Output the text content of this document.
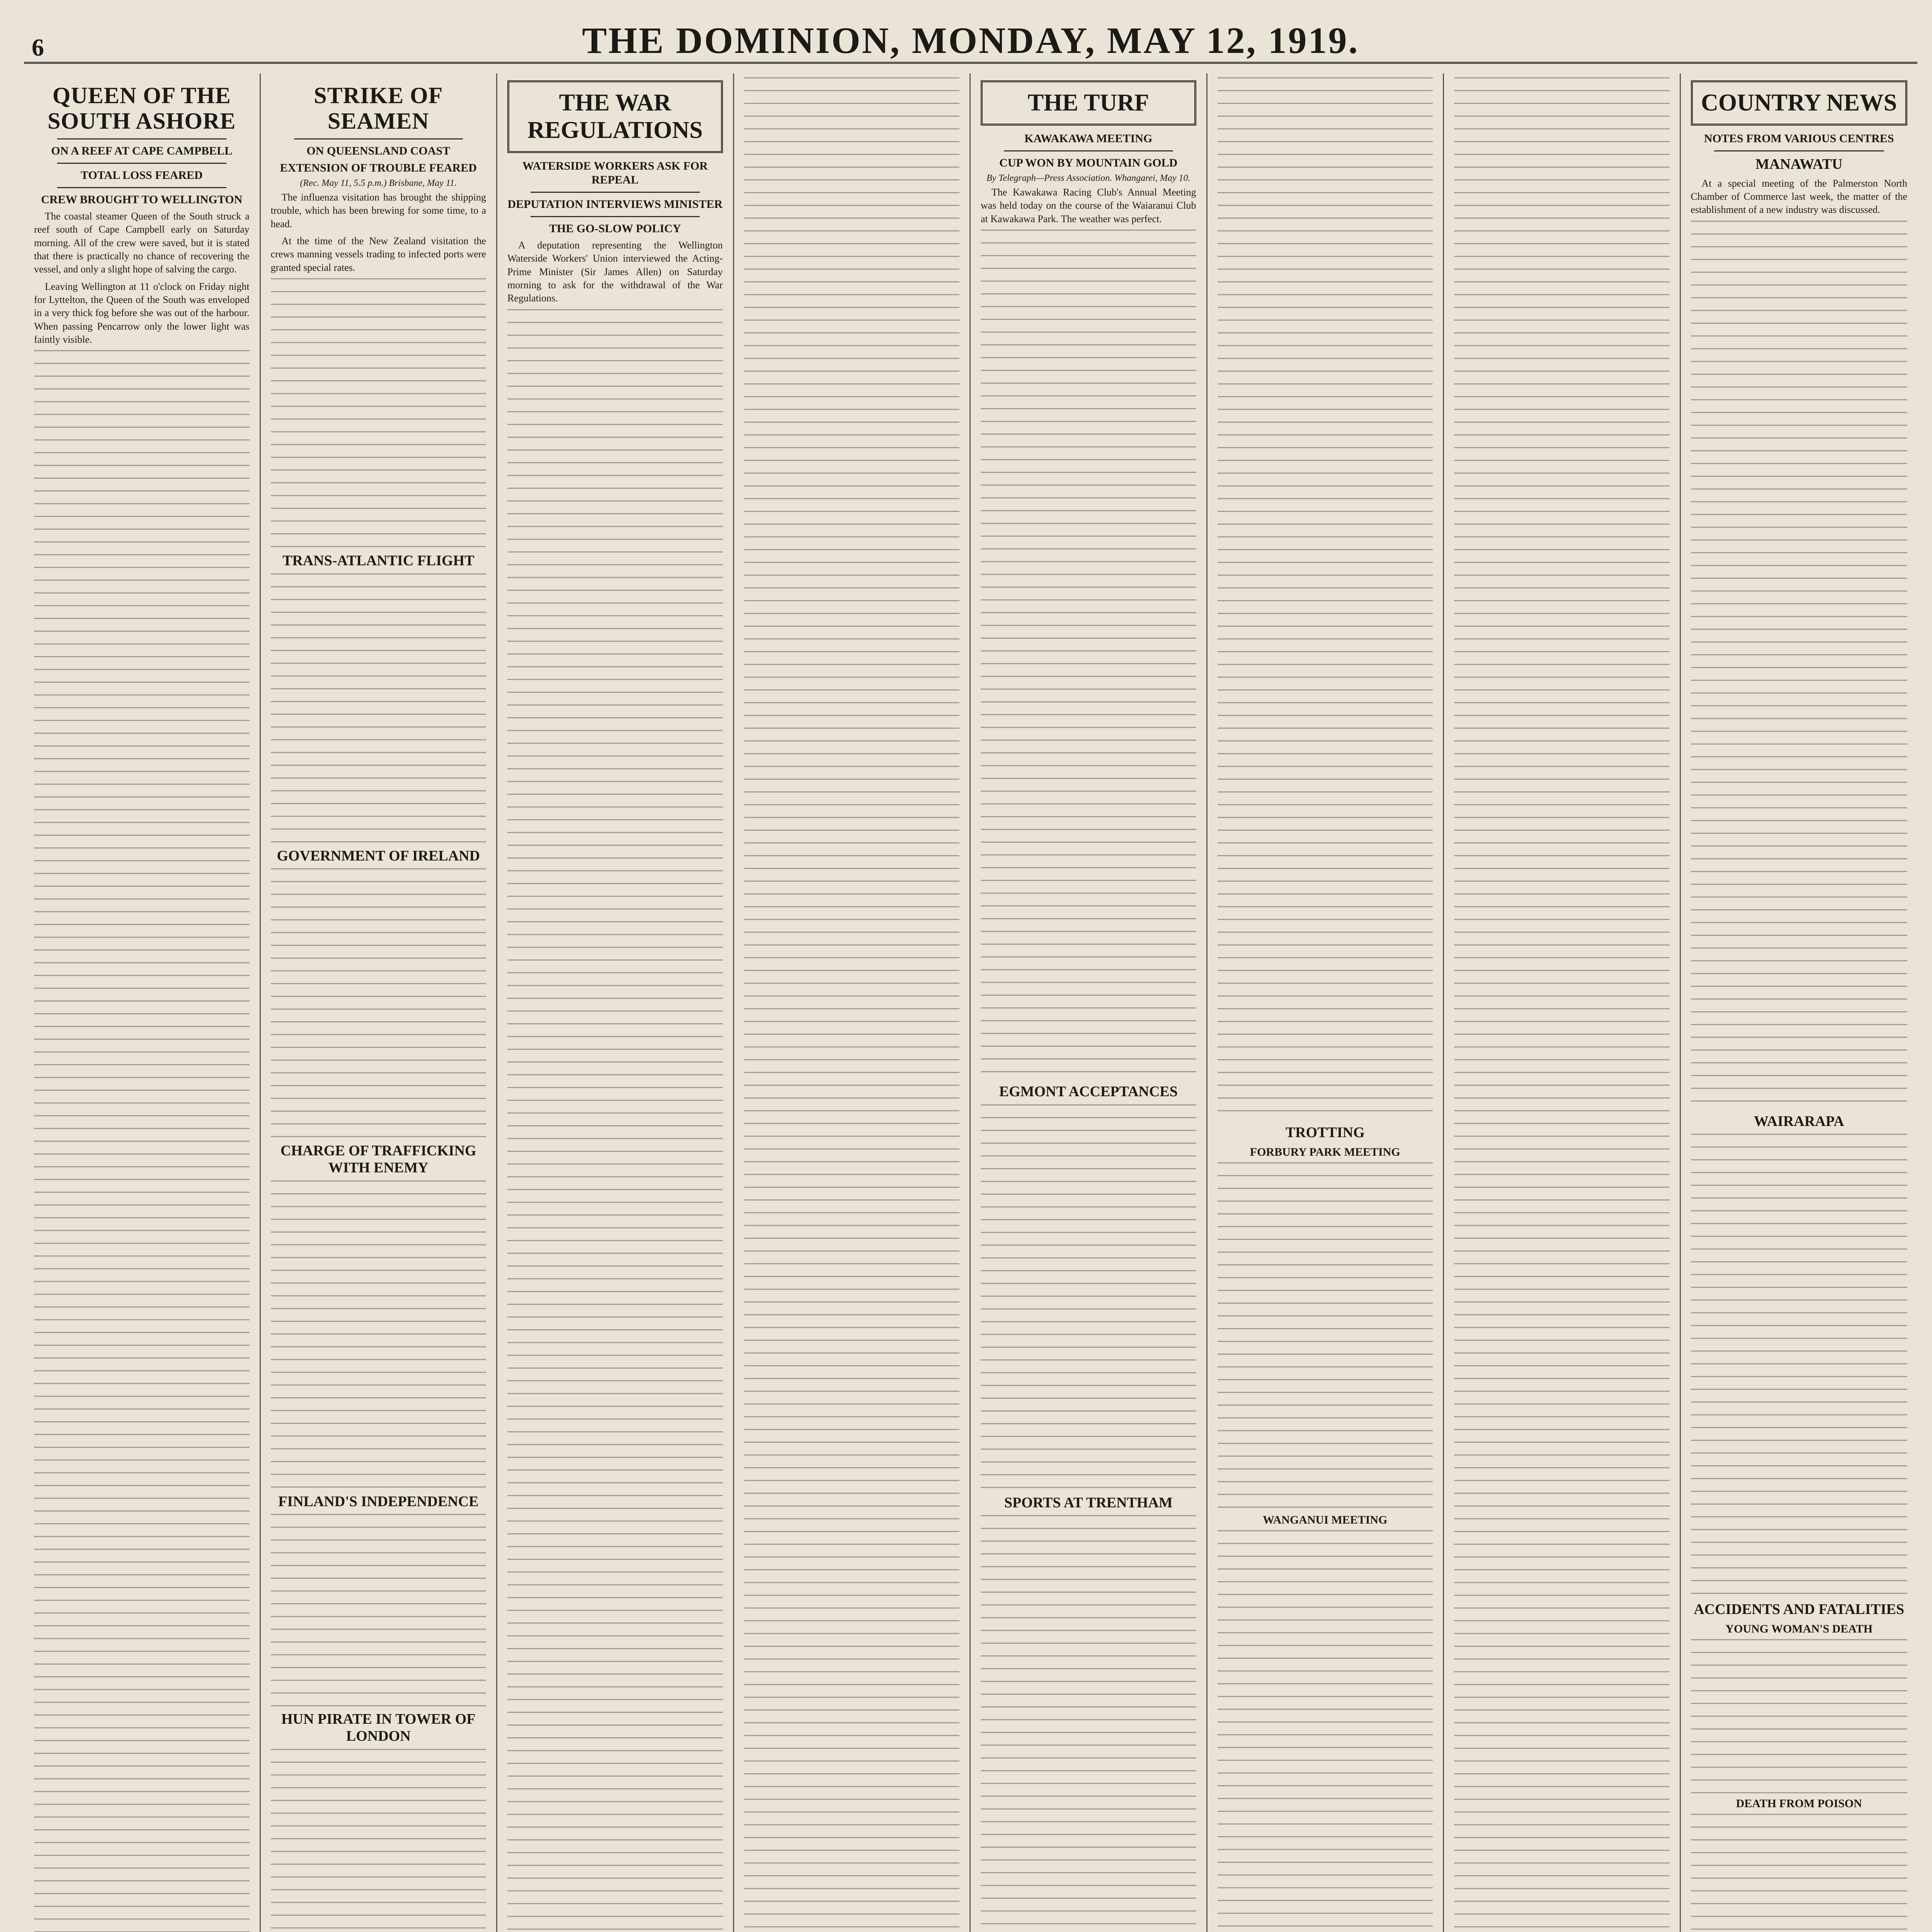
6	THE DOMINION, MONDAY, MAY 12, 1919.
QUEEN OF THE SOUTH ASHORE
ON A REEF AT CAPE CAMPBELL
TOTAL LOSS FEARED
CREW BROUGHT TO WELLINGTON

The coastal steamer Queen of the South struck a reef south of Cape Campbell early on Saturday morning. All of the crew were saved, but it is stated that there is practically no chance of recovering the vessel, and only a slight hope of salving the cargo.

Leaving Wellington at 11 o'clock on Friday night for Lyttelton, the Queen of the South was enveloped in a very thick fog before she was out of the harbour. When passing Pencarrow only the lower light was faintly visible.

STRIKE OF SEAMEN
ON QUEENSLAND COAST
EXTENSION OF TROUBLE FEARED
(Rec. May 11, 5.5 p.m.) Brisbane, May 11.

The influenza visitation has brought the shipping trouble, which has been brewing for some time, to a head.

At the time of the New Zealand visitation the crews manning vessels trading to infected ports were granted special rates.

TRANS-ATLANTIC FLIGHT
GOVERNMENT OF IRELAND
CHARGE OF TRAFFICKING WITH ENEMY
FINLAND'S INDEPENDENCE
HUN PIRATE IN TOWER OF LONDON
THE WAR REGULATIONS
WATERSIDE WORKERS ASK FOR REPEAL
DEPUTATION INTERVIEWS MINISTER
THE GO-SLOW POLICY

A deputation representing the Wellington Waterside Workers' Union interviewed the Acting-Prime Minister (Sir James Allen) on Saturday morning to ask for the withdrawal of the War Regulations.

THE TURF
KAWAKAWA MEETING
CUP WON BY MOUNTAIN GOLD
By Telegraph—Press Association. Whangarei, May 10.

The Kawakawa Racing Club's Annual Meeting was held today on the course of the Waiaranui Club at Kawakawa Park. The weather was perfect.

EGMONT ACCEPTANCES
SPORTS AT TRENTHAM
TROTTING
FORBURY PARK MEETING
WANGANUI MEETING
COUNTRY NEWS
NOTES FROM VARIOUS CENTRES
MANAWATU

At a special meeting of the Palmerston North Chamber of Commerce last week, the matter of the establishment of a new industry was discussed.

WAIRARAPA
ACCIDENTS AND FATALITIES
YOUNG WOMAN'S DEATH
DEATH FROM POISON
